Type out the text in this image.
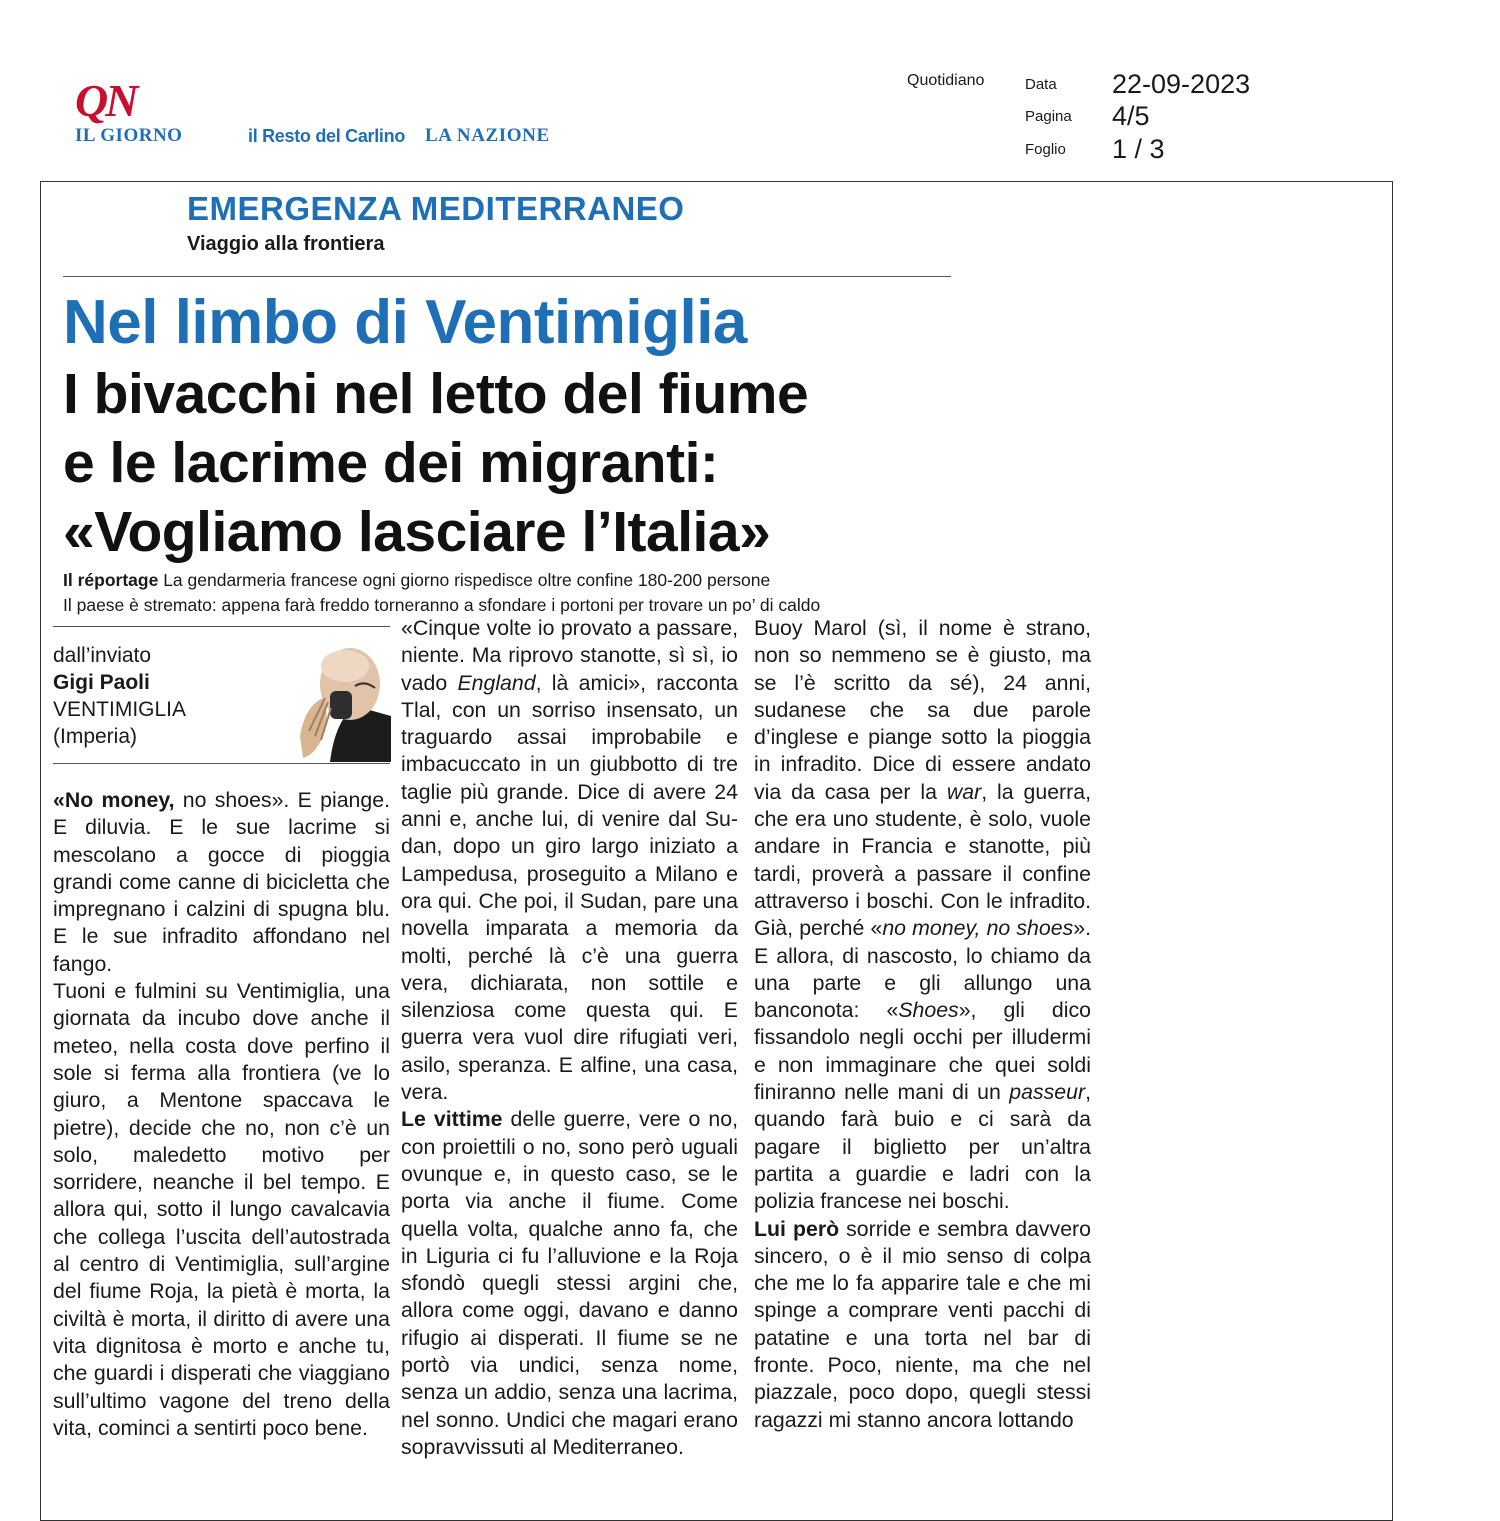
QN
IL GIORNO	il Resto del Carlino LA NAZIONE
Quotidiano	Data 22-09-2023
Pagina 4/5
Foglio 1 / 3
EMERGENZA MEDITERRANEO
Viaggio alla frontiera
Nel limbo di Ventimiglia
I bivacchi nel letto del fiume
e le lacrime dei migranti:
«Vogliamo lasciare l’Italia»
Il réportage La gendarmeria francese ogni giorno rispedisce oltre confine 180-200 persone
Il paese è stremato: appena farà freddo torneranno a sfondare i portoni per trovare un po’ di caldo
dall’inviato
Gigi Paoli
VENTIMIGLIA
(Imperia)

«No money, no shoes». E piange. E diluvia. E le sue lacrime si mescolano a gocce di pioggia grandi come canne di bicicletta che impregnano i calzini di spugna blu. E le sue infradito affondano nel fango.

Tuoni e fulmini su Ventimiglia, una giornata da incubo dove anche il meteo, nella costa dove perfino il sole si ferma alla frontiera (ve lo giuro, a Mentone spaccava le pietre), decide che no, non c’è un solo, maledetto motivo per sorridere, neanche il bel tempo. E allora qui, sotto il lungo cavalcavia che collega l’uscita dell’autostrada al centro di Ventimiglia, sull’argine del fiume Roja, la pietà è morta, la civiltà è morta, il diritto di avere una vita dignitosa è morto e anche tu, che guardi i disperati che viaggiano sull’ultimo vagone del treno della vita, cominci a sentirti poco bene.

«Cinque volte io provato a passare, niente. Ma riprovo stanotte, sì sì, io vado England, là amici», racconta Tlal, con un sorriso insensato, un traguardo assai improbabile e imbacuccato in un giubbotto di tre taglie più grande. Dice di avere 24 anni e, anche lui, di venire dal Sudan, dopo un giro largo iniziato a Lampedusa, proseguito a Milano e ora qui. Che poi, il Sudan, pare una novella imparata a memoria da molti, perché là c’è una guerra vera, dichiarata, non sottile e silenziosa come questa qui. E guerra vera vuol dire rifugiati veri, asilo, speranza. E alfine, una casa, vera.

Le vittime delle guerre, vere o no, con proiettili o no, sono però uguali ovunque e, in questo caso, se le porta via anche il fiume. Come quella volta, qualche anno fa, che in Liguria ci fu l’alluvione e la Roja sfondò quegli stessi argini che, allora come oggi, davano e danno rifugio ai disperati. Il fiume se ne portò via undici, senza nome, senza un addio, senza una lacrima, nel sonno. Undici che magari erano sopravvissuti al Mediterraneo.

Buoy Marol (sì, il nome è strano, non so nemmeno se è giusto, ma se l’è scritto da sé), 24 anni, sudanese che sa due parole d’inglese e piange sotto la pioggia in infradito. Dice di essere andato via da casa per la war, la guerra, che era uno studente, è solo, vuole andare in Francia e stanotte, più tardi, proverà a passare il confine attraverso i boschi. Con le infradito. Già, perché «no money, no shoes». E allora, di nascosto, lo chiamo da una parte e gli allungo una banconota: «Shoes», gli dico fissandolo negli occhi per illudermi e non immaginare che quei soldi finiranno nelle mani di un passeur, quando farà buio e ci sarà da pagare il biglietto per un’altra partita a guardie e ladri con la polizia francese nei boschi.

Lui però sorride e sembra davvero sincero, o è il mio senso di colpa che me lo fa apparire tale e che mi spinge a comprare venti pacchi di patatine e una torta nel bar di fronte. Poco, niente, ma che nel piazzale, poco dopo, quegli stessi ragazzi mi stanno ancora lottando
